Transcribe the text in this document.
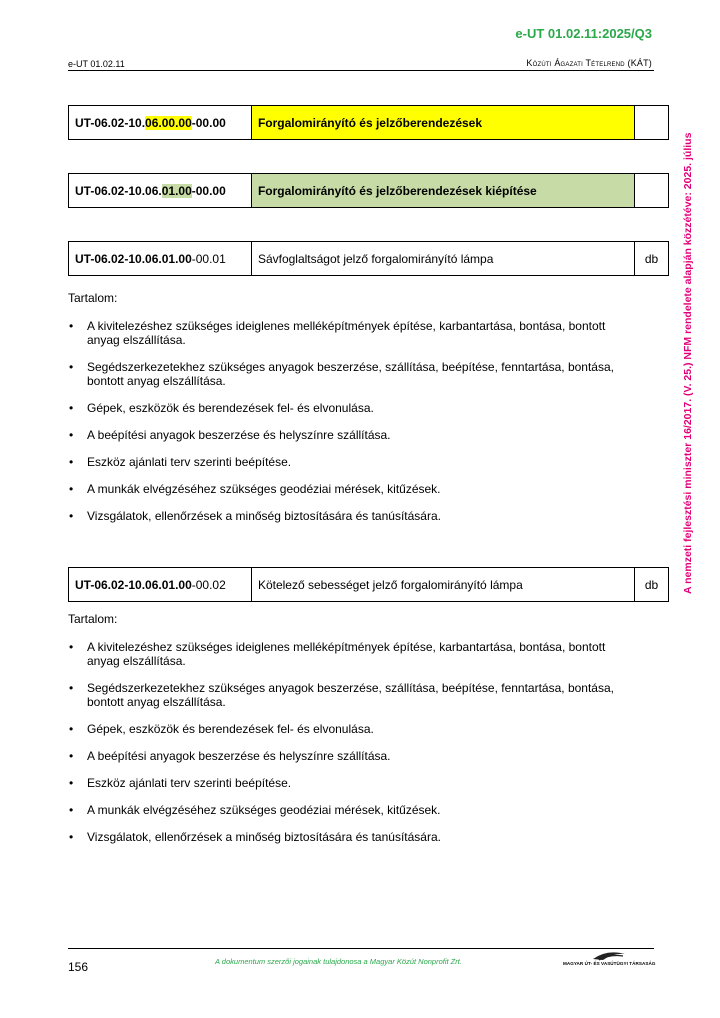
e-UT 01.02.11:2025/Q3
e-UT 01.02.11	Közúti Ágazati Tételrend (KÁT)
A nemzeti fejlesztési miniszter 16/2017. (V. 25.) NFM rendelete alapján közzétéve: 2025. július
UT-06.02-10.06.00.00-00.00	Forgalomirányító és jelzőberendezések	
UT-06.02-10.06.01.00-00.00	Forgalomirányító és jelzőberendezések kiépítése	
UT-06.02-10.06.01.00-00.01	Sávfoglaltságot jelző forgalomirányító lámpa	db
Tartalom:
• A kivitelezéshez szükséges ideiglenes melléképítmények építése, karbantartása, bontása, bontott anyag elszállítása.
• Segédszerkezetekhez szükséges anyagok beszerzése, szállítása, beépítése, fenntartása, bontása, bontott anyag elszállítása.
• Gépek, eszközök és berendezések fel- és elvonulása.
• A beépítési anyagok beszerzése és helyszínre szállítása.
• Eszköz ajánlati terv szerinti beépítése.
• A munkák elvégzéséhez szükséges geodéziai mérések, kitűzések.
• Vizsgálatok, ellenőrzések a minőség biztosítására és tanúsítására.
UT-06.02-10.06.01.00-00.02	Kötelező sebességet jelző forgalomirányító lámpa	db
Tartalom:
• A kivitelezéshez szükséges ideiglenes melléképítmények építése, karbantartása, bontása, bontott anyag elszállítása.
• Segédszerkezetekhez szükséges anyagok beszerzése, szállítása, beépítése, fenntartása, bontása, bontott anyag elszállítása.
• Gépek, eszközök és berendezések fel- és elvonulása.
• A beépítési anyagok beszerzése és helyszínre szállítása.
• Eszköz ajánlati terv szerinti beépítése.
• A munkák elvégzéséhez szükséges geodéziai mérések, kitűzések.
• Vizsgálatok, ellenőrzések a minőség biztosítására és tanúsítására.
156	A dokumentum szerzői jogainak tulajdonosa a Magyar Közút Nonprofit Zrt.	MAGYAR ÚT- ÉS VASÚTÜGYI TÁRSASÁG
